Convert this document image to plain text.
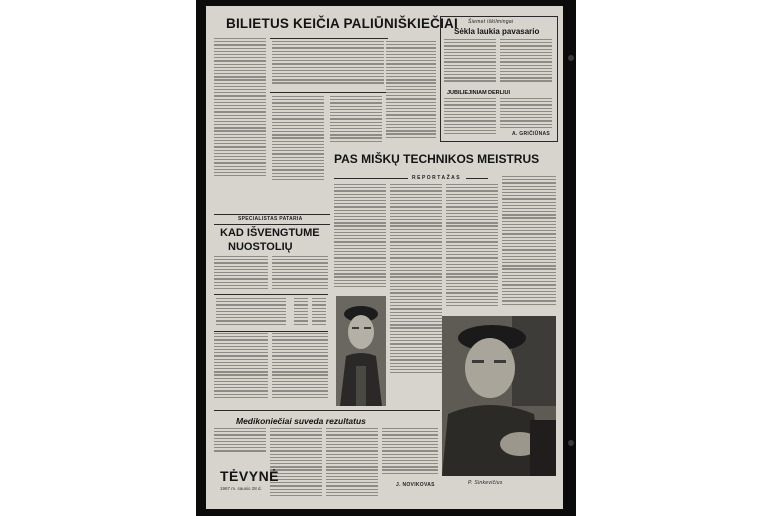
BILIETUS KEIČIA PALIŪNIŠKIEČIAI Šiemet iškilmingai
Sėkla laukia pavasario
JUBILIEJINIAM DERLIUI
A. GRIČIŪNAS
PAS MIŠKŲ TECHNIKOS MEISTRUS
REPORTAŽAS
SPECIALISTAS PATARIA
KAD IŠVENGTUME
NUOSTOLIŲ
Medikoniečiai suveda rezultatus
J. NOVIKOVAS	P. Sinkevičius
TĖVYNĖ
1967 m. sausio 28 d.
